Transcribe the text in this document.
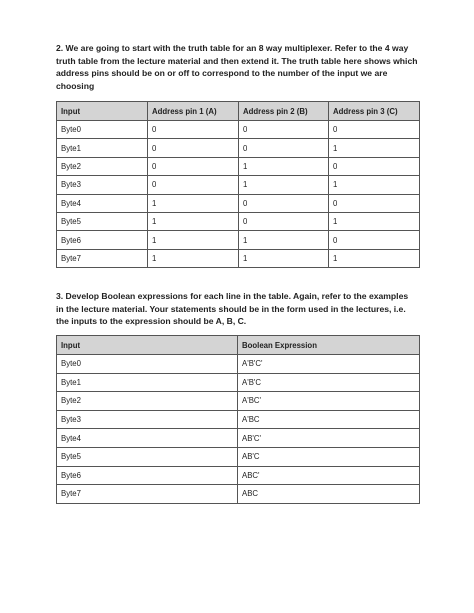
2. We are going to start with the truth table for an 8 way multiplexer. Refer to the 4 way truth table from the lecture material and then extend it. The truth table here shows which address pins should be on or off to correspond to the number of the input we are choosing
Input	Address pin 1 (A)	Address pin 2 (B)	Address pin 3 (C)
Byte0	0	0	0
Byte1	0	0	1
Byte2	0	1	0
Byte3	0	1	1
Byte4	1	0	0
Byte5	1	0	1
Byte6	1	1	0
Byte7	1	1	1
3. Develop Boolean expressions for each line in the table. Again, refer to the examples in the lecture material. Your statements should be in the form used in the lectures, i.e. the inputs to the expression should be A, B, C.
Input	Boolean Expression
Byte0	A'B'C'
Byte1	A'B'C
Byte2	A'BC'
Byte3	A'BC
Byte4	AB'C'
Byte5	AB'C
Byte6	ABC'
Byte7	ABC
